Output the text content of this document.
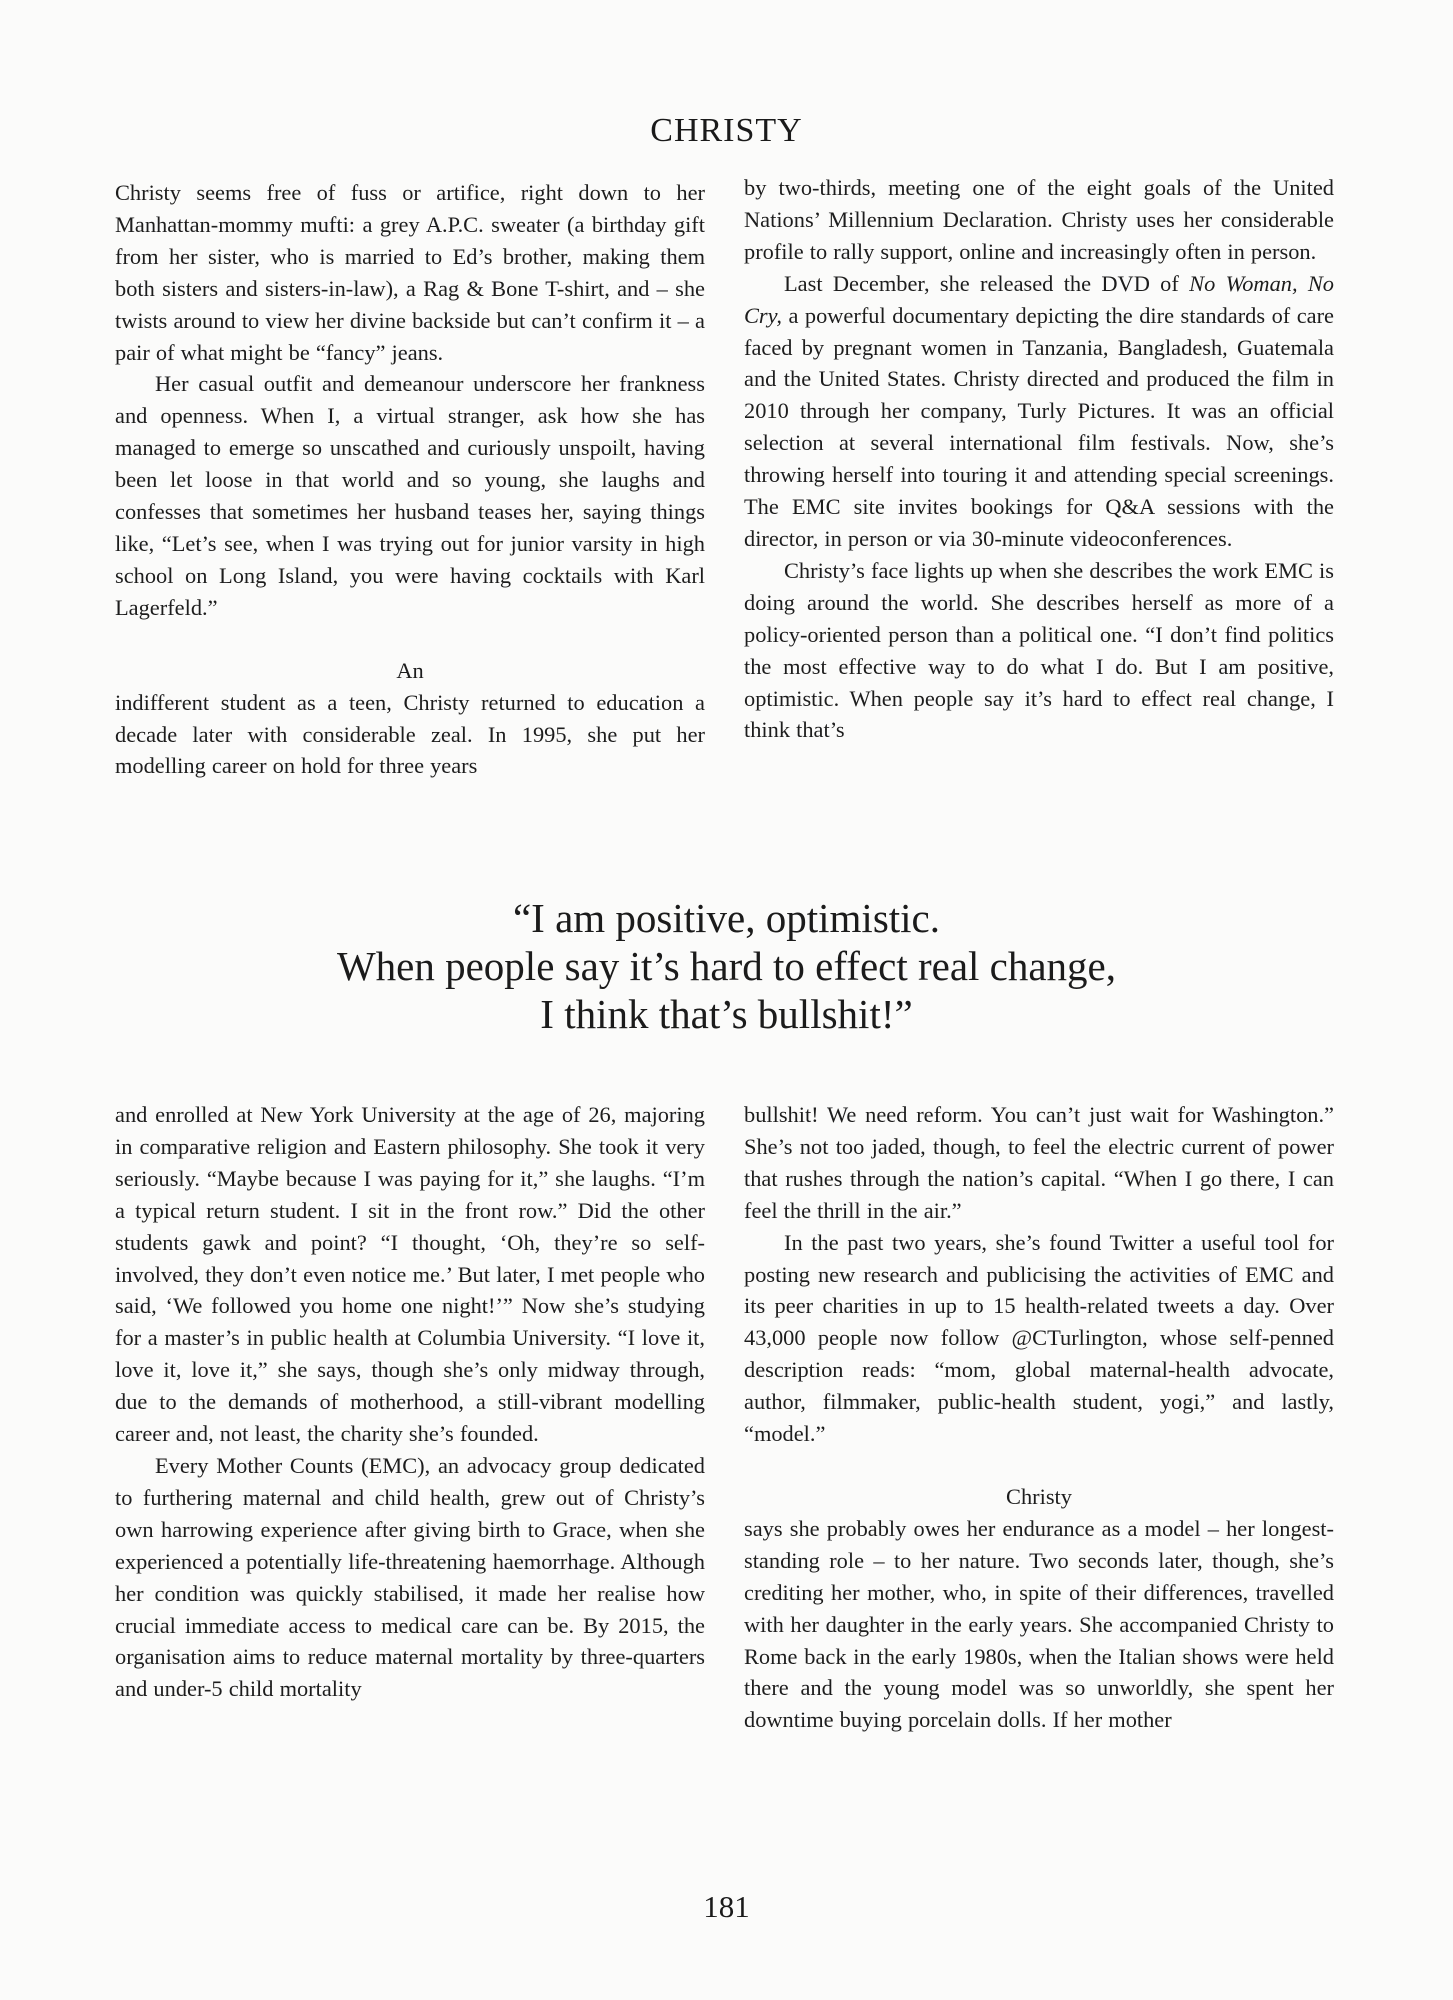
CHRISTY

Christy seems free of fuss or artifice, right down to her Manhattan-mommy mufti: a grey A.P.C. sweater (a birthday gift from her sister, who is married to Ed’s brother, making them both sisters and sisters-in-law), a Rag & Bone T-shirt, and – she twists around to view her divine backside but can’t confirm it – a pair of what might be “fancy” jeans.

Her casual outfit and demeanour underscore her frankness and openness. When I, a virtual stranger, ask how she has managed to emerge so unscathed and curiously unspoilt, having been let loose in that world and so young, she laughs and confesses that sometimes her husband teases her, saying things like, “Let’s see, when I was trying out for junior varsity in high school on Long Island, you were having cocktails with Karl Lagerfeld.”

An

indifferent student as a teen, Christy returned to education a decade later with considerable zeal. In 1995, she put her modelling career on hold for three years

by two-thirds, meeting one of the eight goals of the United Nations’ Millennium Declaration. Christy uses her considerable profile to rally support, online and increasingly often in person.

Last December, she released the DVD of No Woman, No Cry, a powerful documentary depicting the dire standards of care faced by pregnant women in Tanzania, Bangladesh, Guatemala and the United States. Christy directed and produced the film in 2010 through her company, Turly Pictures. It was an official selection at several international film festivals. Now, she’s throwing herself into touring it and attending special screenings. The EMC site invites bookings for Q&A sessions with the director, in person or via 30-minute videoconferences.

Christy’s face lights up when she describes the work EMC is doing around the world. She describes herself as more of a policy-oriented person than a political one. “I don’t find politics the most effective way to do what I do. But I am positive, optimistic. When people say it’s hard to effect real change, I think that’s

“I am positive, optimistic.
When people say it’s hard to effect real change,
I think that’s bullshit!”

and enrolled at New York University at the age of 26, majoring in comparative religion and Eastern philosophy. She took it very seriously. “Maybe because I was paying for it,” she laughs. “I’m a typical return student. I sit in the front row.” Did the other students gawk and point? “I thought, ‘Oh, they’re so self-involved, they don’t even notice me.’ But later, I met people who said, ‘We followed you home one night!’” Now she’s studying for a master’s in public health at Columbia University. “I love it, love it, love it,” she says, though she’s only midway through, due to the demands of motherhood, a still-vibrant modelling career and, not least, the charity she’s founded.

Every Mother Counts (EMC), an advocacy group dedicated to furthering maternal and child health, grew out of Christy’s own harrowing experience after giving birth to Grace, when she experienced a potentially life-threatening haemorrhage. Although her condition was quickly stabilised, it made her realise how crucial immediate access to medical care can be. By 2015, the organisation aims to reduce maternal mortality by three-quarters and under-5 child mortality

bullshit! We need reform. You can’t just wait for Washington.” She’s not too jaded, though, to feel the electric current of power that rushes through the nation’s capital. “When I go there, I can feel the thrill in the air.”

In the past two years, she’s found Twitter a useful tool for posting new research and publicising the activities of EMC and its peer charities in up to 15 health-related tweets a day. Over 43,000 people now follow @CTurlington, whose self-penned description reads: “mom, global maternal-health advocate, author, filmmaker, public-health student, yogi,” and lastly, “model.”

Christy

says she probably owes her endurance as a model – her longest-standing role – to her nature. Two seconds later, though, she’s crediting her mother, who, in spite of their differences, travelled with her daughter in the early years. She accompanied Christy to Rome back in the early 1980s, when the Italian shows were held there and the young model was so unworldly, she spent her downtime buying porcelain dolls. If her mother

181
